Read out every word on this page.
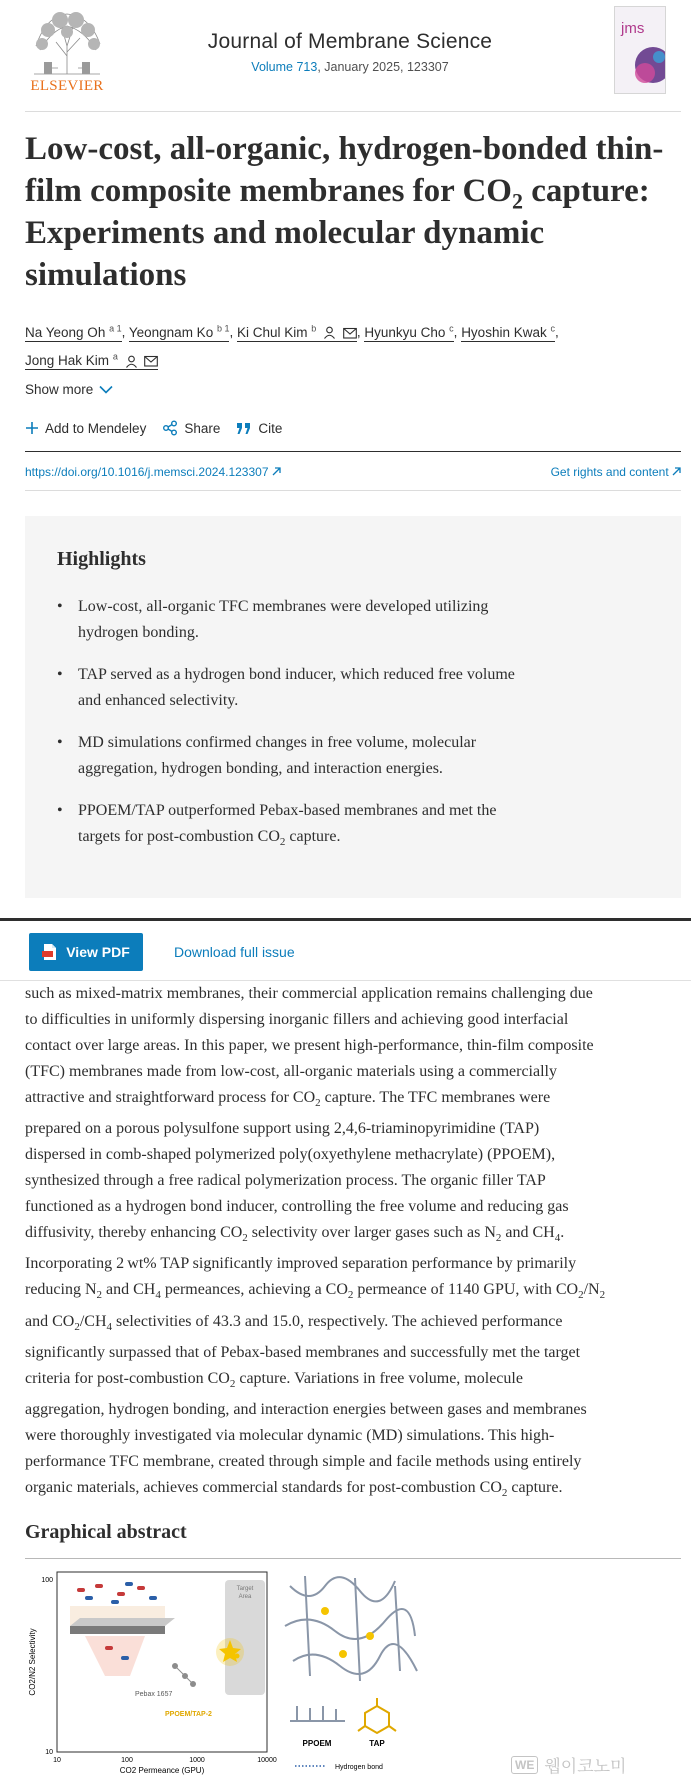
ELSEVIER
Journal of Membrane Science
Volume 713, January 2025, 123307
jms
Low-cost, all-organic, hydrogen-bonded thin-film composite membranes for $CO_2$ capture: Experiments and molecular dynamic simulations
Na Yeong Oh $^{a 1}$, Yeongnam Ko $^{b 1}$, Ki Chul Kim $^b$	, Hyunkyu Cho $^c$, Hyoshin Kwak $^c$,
Jong Hak Kim $^a$
Show more
Add to Mendeley	Share	Cite
https://doi.org/10.1016/j.memsci.2024.123307	Get rights and content
Highlights
• Low-cost, all-organic TFC membranes were developed utilizing
hydrogen bonding.
• TAP served as a hydrogen bond inducer, which reduced free volume
and enhanced selectivity.
• MD simulations confirmed changes in free volume, molecular
aggregation, hydrogen bonding, and interaction energies.
• PPOEM/TAP outperformed Pebax-based membranes and met the
targets for post-combustion $CO_2$ capture.
such as mixed-matrix membranes, their commercial application remains challenging due
to difficulties in uniformly dispersing inorganic fillers and achieving good interfacial
contact over large areas. In this paper, we present high-performance, thin-film composite
(TFC) membranes made from low-cost, all-organic materials using a commercially
attractive and straightforward process for $CO_2$ capture. The TFC membranes were
prepared on a porous polysulfone support using 2,4,6-triaminopyrimidine (TAP)
dispersed in comb-shaped polymerized poly(oxyethylene methacrylate) (PPOEM),
synthesized through a free radical polymerization process. The organic filler TAP
functioned as a hydrogen bond inducer, controlling the free volume and reducing gas
diffusivity, thereby enhancing $CO_2$ selectivity over larger gases such as $N_2$ and $CH_4$.
Incorporating 2 wt% TAP significantly improved separation performance by primarily
reducing $N_2$ and $CH_4$ permeances, achieving a $CO_2$ permeance of 1140 GPU, with $CO_2/N_2$
and $CO_2/CH_4$ selectivities of 43.3 and 15.0, respectively. The achieved performance
significantly surpassed that of Pebax-based membranes and successfully met the target
criteria for post-combustion $CO_2$ capture. Variations in free volume, molecule
aggregation, hydrogen bonding, and interaction energies between gases and membranes
were thoroughly investigated via molecular dynamic (MD) simulations. This high-
performance TFC membrane, created through simple and facile methods using entirely
organic materials, achieves commercial standards for post-combustion $CO_2$ capture.
View PDF	Download full issue
Graphical abstract
Target
Area
Pebax 1657
PPOEM/TAP-2
100
10
10	100	1000	10000
CO2 Permeance (GPU)
CO2/N2 Selectivity
PPOEM	TAP
Hydrogen bond	WE 웹이코노미
